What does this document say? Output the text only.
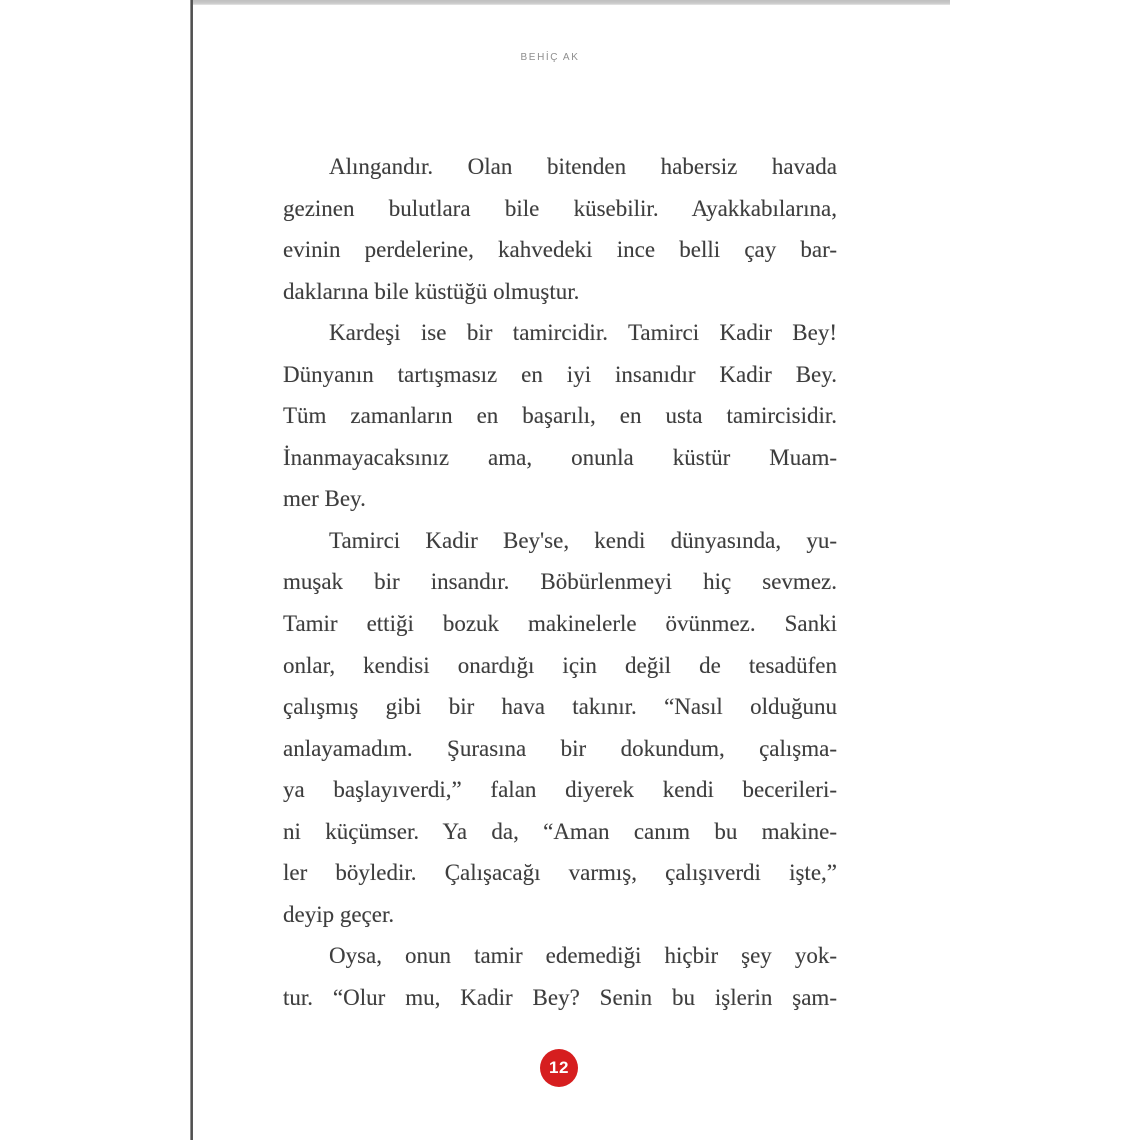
BEHİÇ AK
Alıngandır. Olan bitenden habersiz havada
gezinen bulutlara bile küsebilir. Ayakkabılarına,
evinin perdelerine, kahvedeki ince belli çay bar-
daklarına bile küstüğü olmuştur.
Kardeşi ise bir tamircidir. Tamirci Kadir Bey!
Dünyanın tartışmasız en iyi insanıdır Kadir Bey.
Tüm zamanların en başarılı, en usta tamircisidir.
İnanmayacaksınız ama, onunla küstür Muam-
mer Bey.
Tamirci Kadir Bey'se, kendi dünyasında, yu-
muşak bir insandır. Böbürlenmeyi hiç sevmez.
Tamir ettiği bozuk makinelerle övünmez. Sanki
onlar, kendisi onardığı için değil de tesadüfen
çalışmış gibi bir hava takınır. “Nasıl olduğunu
anlayamadım. Şurasına bir dokundum, çalışma-
ya başlayıverdi,” falan diyerek kendi becerileri-
ni küçümser. Ya da, “Aman canım bu makine-
ler böyledir. Çalışacağı varmış, çalışıverdi işte,”
deyip geçer.
Oysa, onun tamir edemediği hiçbir şey yok-
tur. “Olur mu, Kadir Bey? Senin bu işlerin şam-
12
